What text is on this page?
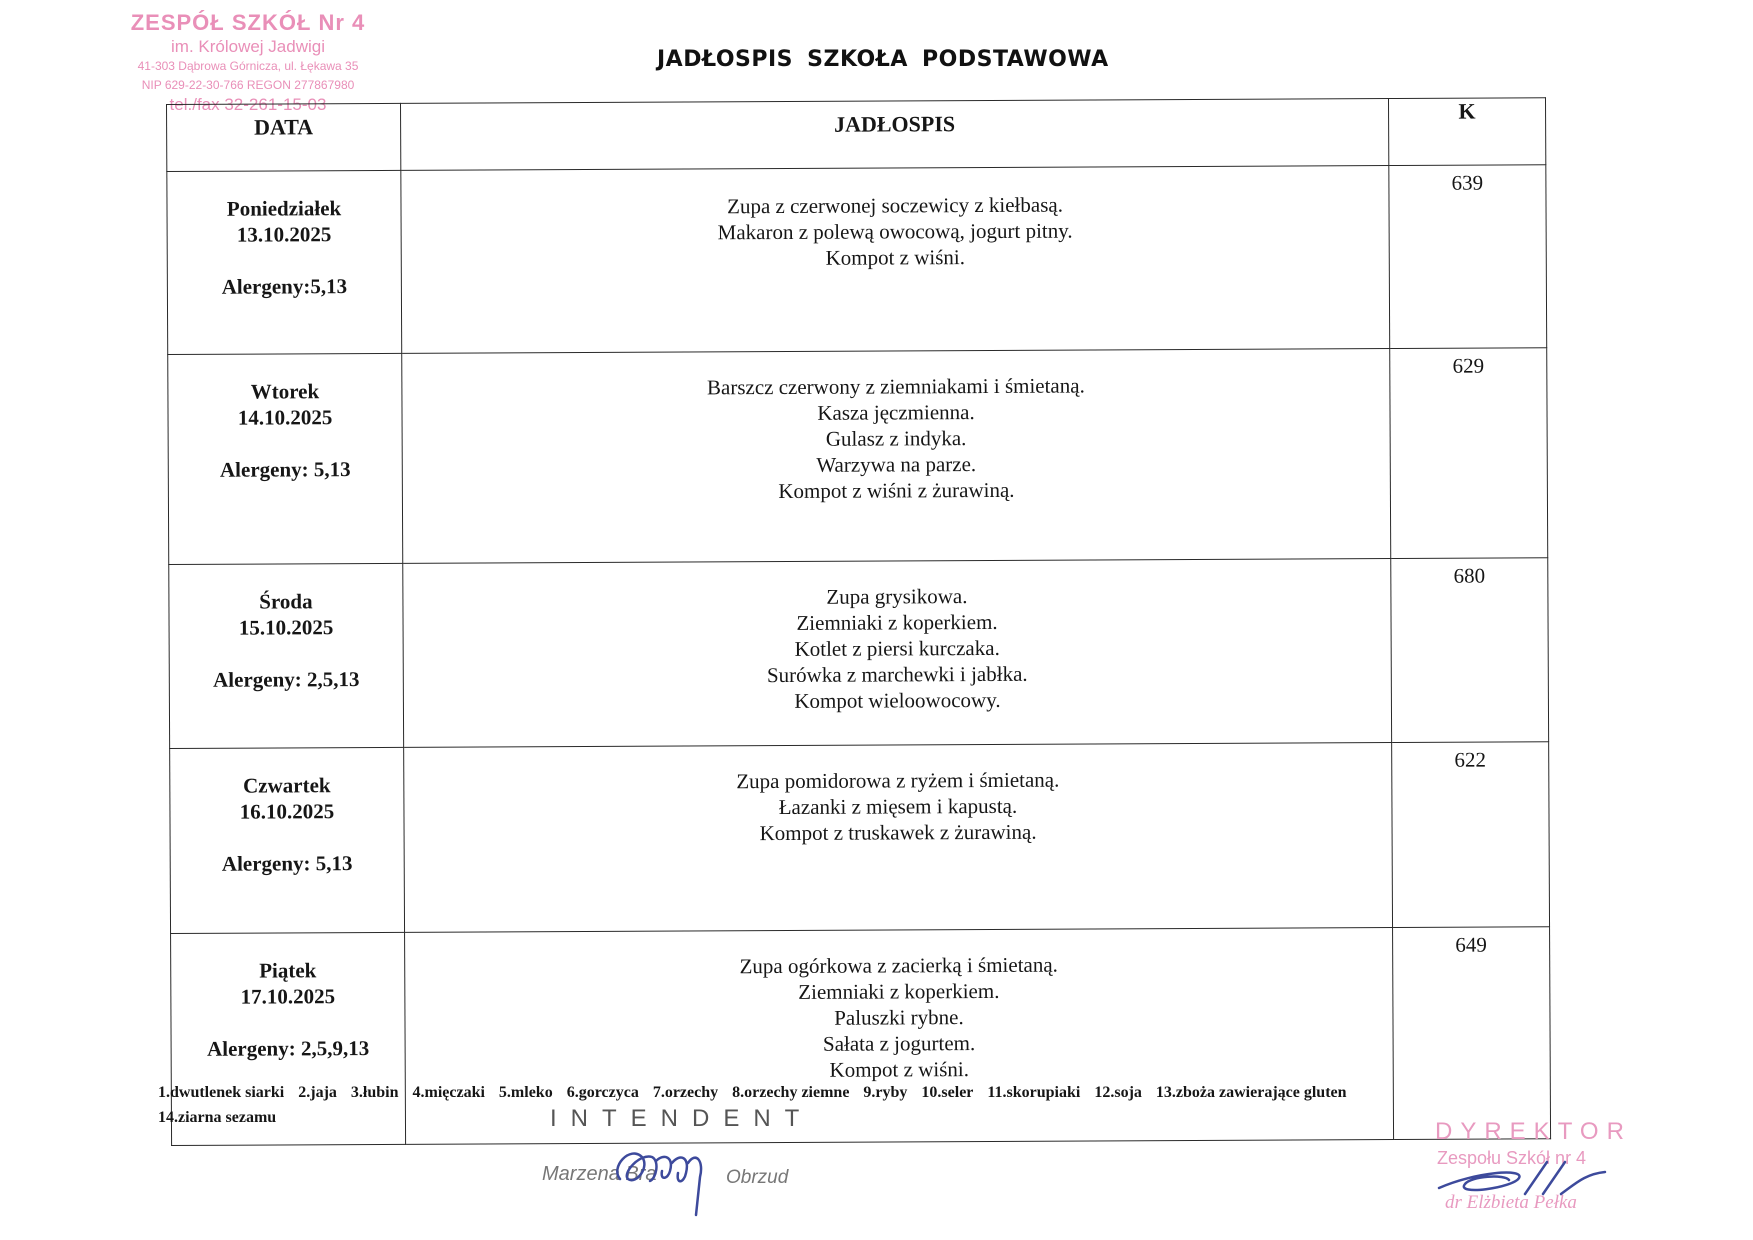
ZESPÓŁ SZKÓŁ Nr 4
im. Królowej Jadwigi
41-303 Dąbrowa Górnicza, ul. Łękawa 35
NIP 629-22-30-766 REGON 277867980
tel./fax 32-261-15-03
JADŁOSPIS SZKOŁA PODSTAWOWA
DATA	JADŁOSPIS	K

Poniedziałek
13.10.2025
Alergeny:5,13	Zupa z czerwonej soczewicy z kiełbasą.
Makaron z polewą owocową, jogurt pitny.
Kompot z wiśni.	639

Wtorek
14.10.2025
Alergeny: 5,13	Barszcz czerwony z ziemniakami i śmietaną.
Kasza jęczmienna.
Gulasz z indyka.
Warzywa na parze.
Kompot z wiśni z żurawiną.	629

Środa
15.10.2025
Alergeny: 2,5,13	Zupa grysikowa.
Ziemniaki z koperkiem.
Kotlet z piersi kurczaka.
Surówka z marchewki i jabłka.
Kompot wieloowocowy.	680

Czwartek
16.10.2025
Alergeny: 5,13	Zupa pomidorowa z ryżem i śmietaną.
Łazanki z mięsem i kapustą.
Kompot z truskawek z żurawiną.	622

Piątek
17.10.2025
Alergeny: 2,5,9,13	Zupa ogórkowa z zacierką i śmietaną.
Ziemniaki z koperkiem.
Paluszki rybne.
Sałata z jogurtem.
Kompot z wiśni.	649
1.dwutlenek siarki 2.jaja 3.łubin 4.mięczaki 5.mleko 6.gorczyca 7.orzechy 8.orzechy ziemne 9.ryby 10.seler 11.skorupiaki 12.soja 13.zboża zawierające gluten
14.ziarna sezamu	INTENDENT
Marzena Bra	Obrzud
DYREKTOR
Zespołu Szkół nr 4
dr Elżbieta Pełka
